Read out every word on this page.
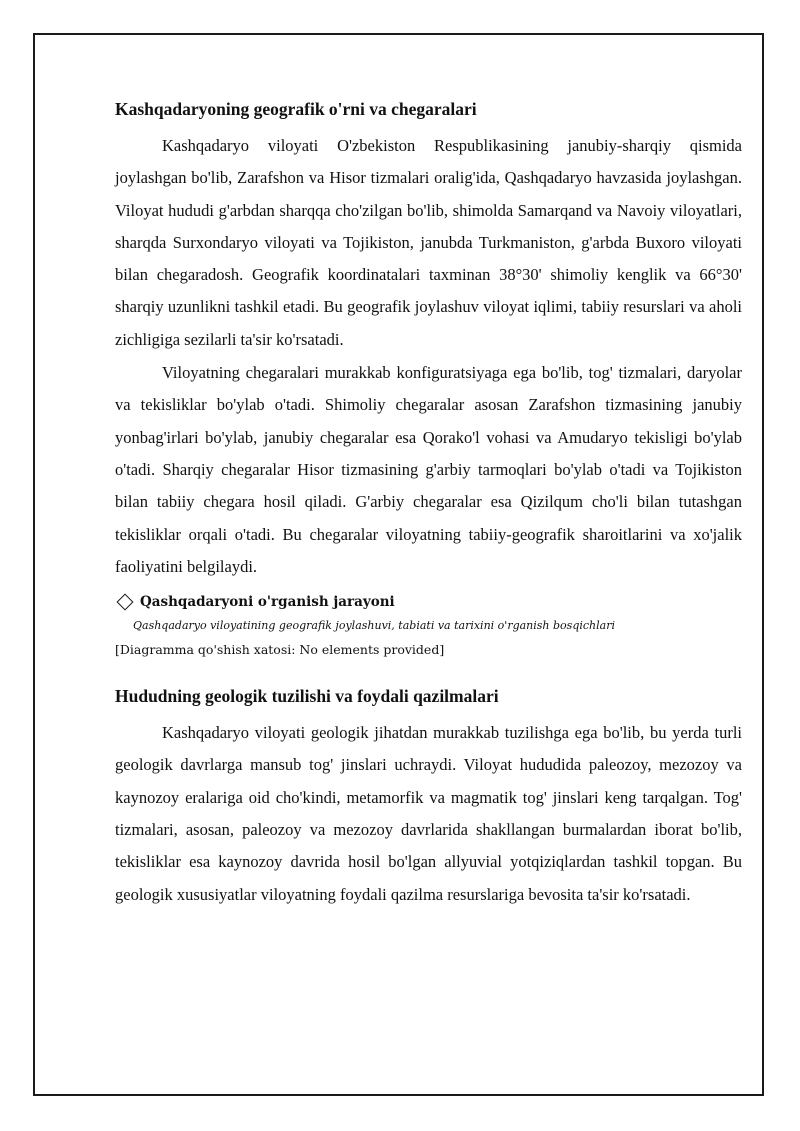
Kashqadaryoning geografik o'rni va chegaralari

Kashqadaryo viloyati O'zbekiston Respublikasining janubiy-sharqiy qismida joylashgan bo'lib, Zarafshon va Hisor tizmalari oralig'ida, Qashqadaryo havzasida joylashgan. Viloyat hududi g'arbdan sharqqa cho'zilgan bo'lib, shimolda Samarqand va Navoiy viloyatlari, sharqda Surxondaryo viloyati va Tojikiston, janubda Turkmaniston, g'arbda Buxoro viloyati bilan chegaradosh. Geografik koordinatalari taxminan 38°30' shimoliy kenglik va 66°30' sharqiy uzunlikni tashkil etadi. Bu geografik joylashuv viloyat iqlimi, tabiiy resurslari va aholi zichligiga sezilarli ta'sir ko'rsatadi.

Viloyatning chegaralari murakkab konfiguratsiyaga ega bo'lib, tog' tizmalari, daryolar va tekisliklar bo'ylab o'tadi. Shimoliy chegaralar asosan Zarafshon tizmasining janubiy yonbag'irlari bo'ylab, janubiy chegaralar esa Qorako'l vohasi va Amudaryo tekisligi bo'ylab o'tadi. Sharqiy chegaralar Hisor tizmasining g'arbiy tarmoqlari bo'ylab o'tadi va Tojikiston bilan tabiiy chegara hosil qiladi. G'arbiy chegaralar esa Qizilqum cho'li bilan tutashgan tekisliklar orqali o'tadi. Bu chegaralar viloyatning tabiiy-geografik sharoitlarini va xo'jalik faoliyatini belgilaydi.

Qashqadaryoni o'rganish jarayoni
Qashqadaryo viloyatining geografik joylashuvi, tabiati va tarixini o'rganish bosqichlari
[Diagramma qo'shish xatosi: No elements provided]
Hududning geologik tuzilishi va foydali qazilmalari

Kashqadaryo viloyati geologik jihatdan murakkab tuzilishga ega bo'lib, bu yerda turli geologik davrlarga mansub tog' jinslari uchraydi. Viloyat hududida paleozoy, mezozoy va kaynozoy eralariga oid cho'kindi, metamorfik va magmatik tog' jinslari keng tarqalgan. Tog' tizmalari, asosan, paleozoy va mezozoy davrlarida shakllangan burmalardan iborat bo'lib, tekisliklar esa kaynozoy davrida hosil bo'lgan allyuvial yotqiziqlardan tashkil topgan. Bu geologik xususiyatlar viloyatning foydali qazilma resurslariga bevosita ta'sir ko'rsatadi.
